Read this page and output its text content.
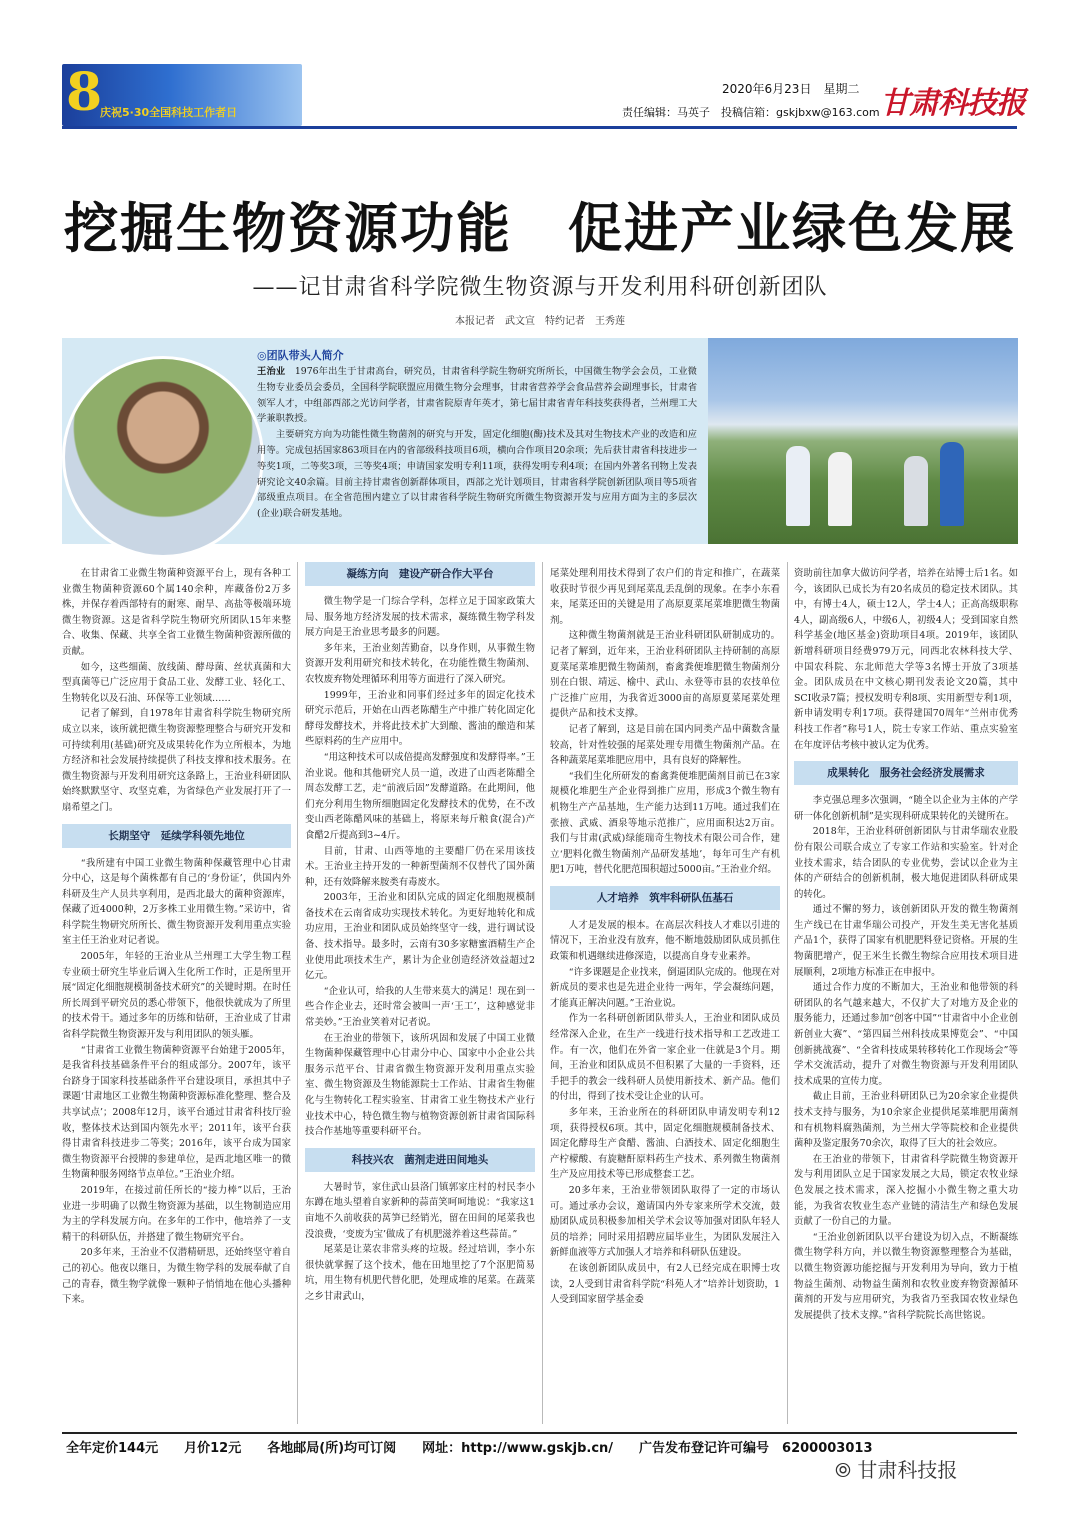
8
庆祝5·30全国科技工作者日
2020年6月23日　星期二
责任编辑：马英子　投稿信箱：gskjbxw@163.com 甘肃科技报
挖掘生物资源功能　促进产业绿色发展
——记甘肃省科学院微生物资源与开发利用科研创新团队
本报记者　武文宣　特约记者　王秀莲
◎团队带头人简介
王治业　 1976年出生于甘肃高台，研究员，甘肃省科学院生物研究所所长，中国微生物学会会员，工业微生物专业委员会委员，全国科学院联盟应用微生物分会理事，甘肃省营养学会食品营养会副理事长，甘肃省领军人才，中组部西部之光访问学者，甘肃省院原青年英才，第七届甘肃省青年科技奖获得者，兰州理工大学兼职教授。
　　主要研究方向为功能性微生物菌剂的研究与开发，固定化细胞(酶)技术及其对生物技术产业的改造和应用等。完成包括国家863项目在内的省部级科技项目6项，横向合作项目20余项；先后获甘肃省科技进步一等奖1项，二等奖3项，三等奖4项；申请国家发明专利11项，获得发明专利4项；在国内外著名刊物上发表研究论文40余篇。目前主持甘肃省创新群体项目，西部之光计划项目，甘肃省科学院创新团队项目等5项省部级重点项目。在全省范围内建立了以甘肃省科学院生物研究所微生物资源开发与应用方面为主的多层次(企业)联合研发基地。

在甘肃省工业微生物菌种资源平台上，现有各种工业微生物菌种资源60个属140余种，库藏备份2万多株，并保存着西部特有的耐寒、耐旱、高盐等极端环境微生物资源。这是省科学院生物研究所团队15年来整合、收集、保藏、共享全省工业微生物菌种资源所做的贡献。

如今，这些细菌、放线菌、酵母菌、丝状真菌和大型真菌等已广泛应用于食品工业、发酵工业、轻化工、生物转化以及石油、环保等工业领域……

记者了解到，自1978年甘肃省科学院生物研究所成立以来，该所就把微生物资源整理整合与研究开发和可持续利用(基础)研究及成果转化作为立所根本，为地方经济和社会发展持续提供了科技支撑和技术服务。在微生物资源与开发利用研究这条路上，王治业科研团队始终默默坚守、攻坚克难，为省绿色产业发展打开了一扇希望之门。

长期坚守　延续学科领先地位

“我所建有中国工业微生物菌种保藏管理中心甘肃分中心，这是每个菌株都有自己的‘身份证’，供国内外科研及生产人员共享利用，是西北最大的菌种资源库，保藏了近4000种，2万多株工业用微生物。”采访中，省科学院生物研究所所长、微生物资源开发利用重点实验室主任王治业对记者说。

2005年，年轻的王治业从兰州理工大学生物工程专业硕士研究生毕业后调入生化所工作时，正是所里开展“固定化细胞规模制备技术研究”的关键时期。在时任所长周到平研究员的悉心带领下，他很快就成为了所里的技术骨干。通过多年的历练和钻研，王治业成了甘肃省科学院微生物资源开发与利用团队的领头雁。

“甘肃省工业微生物菌种资源平台始建于2005年，是我省科技基础条件平台的组成部分。2007年，该平台跻身于国家科技基础条件平台建设项目，承担其中子课题‘甘肃地区工业微生物菌种资源标准化整理、整合及共享试点’；2008年12月，该平台通过甘肃省科技厅验收，整体技术达到国内领先水平；2011年，该平台获得甘肃省科技进步二等奖；2016年，该平台成为国家微生物资源平台授牌的参建单位，是西北地区唯一的微生物菌种服务网络节点单位。”王治业介绍。

2019年，在接过前任所长的“接力棒”以后，王治业进一步明确了以微生物资源为基础，以生物制造应用为主的学科发展方向。在多年的工作中，他培养了一支精干的科研队伍，并搭建了微生物研究平台。

20多年来，王治业不仅潜精研思，还始终坚守着自己的初心。他夜以继日，为微生物学科的发展奉献了自己的青春，微生物学就像一颗种子悄悄地在他心头播种下来。

凝练方向　建设产研合作大平台

微生物学是一门综合学科，怎样立足于国家政策大局、服务地方经济发展的技术需求，凝练微生物学科发展方向是王治业思考最多的问题。

多年来，王治业刻苦勤奋，以身作则，从事微生物资源开发利用研究和技术转化，在功能性微生物菌剂、农牧废弃物处理循环利用等方面进行了深入研究。

1999年，王治业和同事们经过多年的固定化技术研究示范后，开始在山西老陈醋生产中推广转化固定化酵母发酵技术，并将此技术扩大到酿、酱油的酿造和某些原料药的生产应用中。

“用这种技术可以成倍提高发酵强度和发酵得率。”王治业说。他和其他研究人员一道，改进了山西老陈醋全周态发酵工艺，走“前液后固”发酵道路。在此期间，他们充分利用生物所细胞固定化发酵技术的优势，在不改变山西老陈醋风味的基础上，将原来每斤粮食(混合)产食醋2斤提高到3~4斤。

目前，甘肃、山西等地的主要醋厂仍在采用该技术。王治业主持开发的一种新型菌剂不仅替代了国外菌种，还有效降解来胺类有毒废水。

2003年，王治业和团队完成的固定化细胞规模制备技术在云南省成功实现技术转化。为更好地转化和成功应用，王治业和团队成员始终坚守一线，进行调试设备、技术指导。最多时，云南有30多家糖蜜酒精生产企业使用此项技术生产，累计为企业创造经济效益超过2亿元。

“企业认可，给我的人生带来莫大的满足！现在到一些合作企业去，还时常会被叫一声‘王工’，这种感觉非常美妙。”王治业笑着对记者说。

在王治业的带领下，该所巩固和发展了中国工业微生物菌种保藏管理中心甘肃分中心、国家中小企业公共服务示范平台、甘肃省微生物资源开发利用重点实验室、微生物资源及生物能源院士工作站、甘肃省生物催化与生物转化工程实验室、甘肃省工业生物技术产业行业技术中心，特色微生物与植物资源创新甘肃省国际科技合作基地等重要科研平台。

科技兴农　菌剂走进田间地头

大暑时节，家住武山县洛门镇郭家庄村的村民李小东蹲在地头望着自家新种的蒜苗笑呵呵地说：“我家这1亩地不久前收获的莴笋已经销光，留在田间的尾菜我也没浪费，‘变废为宝’做成了有机肥滋养着这些蒜苗。”

尾菜是让菜农非常头疼的垃圾。经过培训，李小东很快就掌握了这个技术，他在田地里挖了7个沤肥简易坑，用生物有机肥代替化肥，处理成堆的尾菜。在蔬菜之乡甘肃武山，

尾菜处理利用技术得到了农户们的肯定和推广，在蔬菜收获时节很少再见到尾菜乱丢乱倒的现象。在李小东看来，尾菜还田的关键是用了高原夏菜尾菜堆肥微生物菌剂。

这种微生物菌剂就是王治业科研团队研制成功的。记者了解到，近年来，王治业科研团队主持研制的高原夏菜尾菜堆肥微生物菌剂，畜禽粪便堆肥微生物菌剂分别在白银、靖远、榆中、武山、永登等市县的农技单位广泛推广应用，为我省近3000亩的高原夏菜尾菜处理提供产品和技术支撑。

记者了解到，这是目前在国内同类产品中菌数含量较高，针对性较强的尾菜处理专用微生物菌剂产品。在各种蔬菜尾菜堆肥应用中，具有良好的降解性。

“我们生化所研发的畜禽粪便堆肥菌剂目前已在3家规模化堆肥生产企业得到推广应用，形成3个微生物有机物生产产品基地，生产能力达到11万吨。通过我们在张掖、武威、酒泉等地示范推广，应用面积达2万亩。我们与甘肃(武威)绿能瑞奇生物技术有限公司合作，建立‘肥料化微生物菌剂产品研发基地’，每年可生产有机肥1万吨，替代化肥范围积超过5000亩。”王治业介绍。

人才培养　筑牢科研队伍基石

人才是发展的根本。在高层次科技人才难以引进的情况下，王治业没有放弃，他不断地鼓励团队成员抓住政策和机遇继续进修深造，以提高自身专业素养。

“许多课题是企业找来，倒逼团队完成的。他现在对新成员的要求也是先进企业待一两年，学会凝练问题，才能真正解决问题。”王治业说。

作为一名科研创新团队带头人，王治业和团队成员经常深入企业，在生产一线进行技术指导和工艺改进工作。有一次，他们在外省一家企业一住就是3个月。期间，王治业和团队成员不但积累了大量的一手资料，还手把手的教会一线科研人员使用新技术、新产品。他们的付出，得到了技术受让企业的认可。

多年来，王治业所在的科研团队申请发明专利12项，获得授权6项。其中，固定化细胞规模制备技术、固定化酵母生产食醋、酱油、白酒技术、固定化细胞生产柠檬酸、有旋糖酐原料药生产技术、系列微生物菌剂生产及应用技术等已形成整套工艺。

20多年来，王治业带领团队取得了一定的市场认可。通过承办会议，邀请国内外专家来所学术交流，鼓励团队成员积极参加相关学术会议等加强对团队年轻人员的培养；同时采用招聘应届毕业生，为团队发展注入新鲜血液等方式加强人才培养和科研队伍建设。

在该创新团队成员中，有2人已经完成在职博士攻读，2人受到甘肃省科学院“科苑人才”培养计划资助，1人受到国家留学基金委

资助前往加拿大做访问学者，培养在站博士后1名。如今，该团队已成长为有20名成员的稳定技术团队。其中，有博士4人，硕士12人，学士4人；正高高级职称4人，副高级6人，中级6人，初级4人；受到国家自然科学基金(地区基金)资助项目4项。2019年，该团队新增科研项目经费979万元，同西北农林科技大学、中国农科院、东北师范大学等3名博士开放了3项基金。团队成员在中文核心期刊发表论文20篇，其中SCI收录7篇；授权发明专利8项、实用新型专利1项，新申请发明专利17项。获得建国70周年“兰州市优秀科技工作者”称号1人，院士专家工作站、重点实验室在年度评估考核中被认定为优秀。

成果转化　服务社会经济发展需求

李克强总理多次强调，“随全以企业为主体的产学研一体化创新机制”是实现科研成果转化的关键所在。

2018年，王治业科研创新团队与甘肃华瑞农业股份有限公司联合成立了专家工作站和实验室。针对企业技术需求，结合团队的专业优势，尝试以企业为主体的产研结合的创新机制，极大地促进团队科研成果的转化。

通过不懈的努力，该创新团队开发的微生物菌剂生产线已在甘肃华瑞公司投产，开发生美无害化基质产品1个，获得了国家有机肥肥料登记资格。开展的生物菌肥增产，促王米生长微生物综合应用技术项目进展顺利，2项地方标准正在申报中。

通过合作力度的不断加大，王治业和他带领的科研团队的名气越来越大，不仅扩大了对地方及企业的服务能力，还通过参加“创客中国”“甘肃省中小企业创新创业大赛”、“第四届兰州科技成果博览会”、“中国创新挑战赛”、“全省科技成果转移转化工作现场会”等学术交流活动，提升了对微生物资源与开发利用团队技术成果的宣传力度。

截止目前，王治业科研团队已为20余家企业提供技术支持与服务，为10余家企业提供尾菜堆肥用菌剂和有机物料腐熟菌剂，为兰州大学等院校和企业提供菌种及鉴定服务70余次，取得了巨大的社会效应。

在王治业的带领下，甘肃省科学院微生物资源开发与利用团队立足于国家发展之大局，锁定农牧业绿色发展之技术需求，深入挖掘小小微生物之重大功能，为我省农牧业生态产业链的清洁生产和绿色发展贡献了一份自己的力量。

“王治业创新团队以平台建设为切入点，不断凝练微生物学科方向，并以微生物资源整理整合为基础，以微生物资源功能挖掘与开发利用为导向，致力于植物益生菌剂、动物益生菌剂和农牧业废弃物资源循环菌剂的开发与应用研究，为我省乃至我国农牧业绿色发展提供了技术支撑。”省科学院院长高世铭说。

全年定价144元　　月价12元　　各地邮局(所)均可订阅　　网址：http://www.gskjb.cn/　　广告发布登记许可编号　6200003013
⦾ 甘肃科技报
